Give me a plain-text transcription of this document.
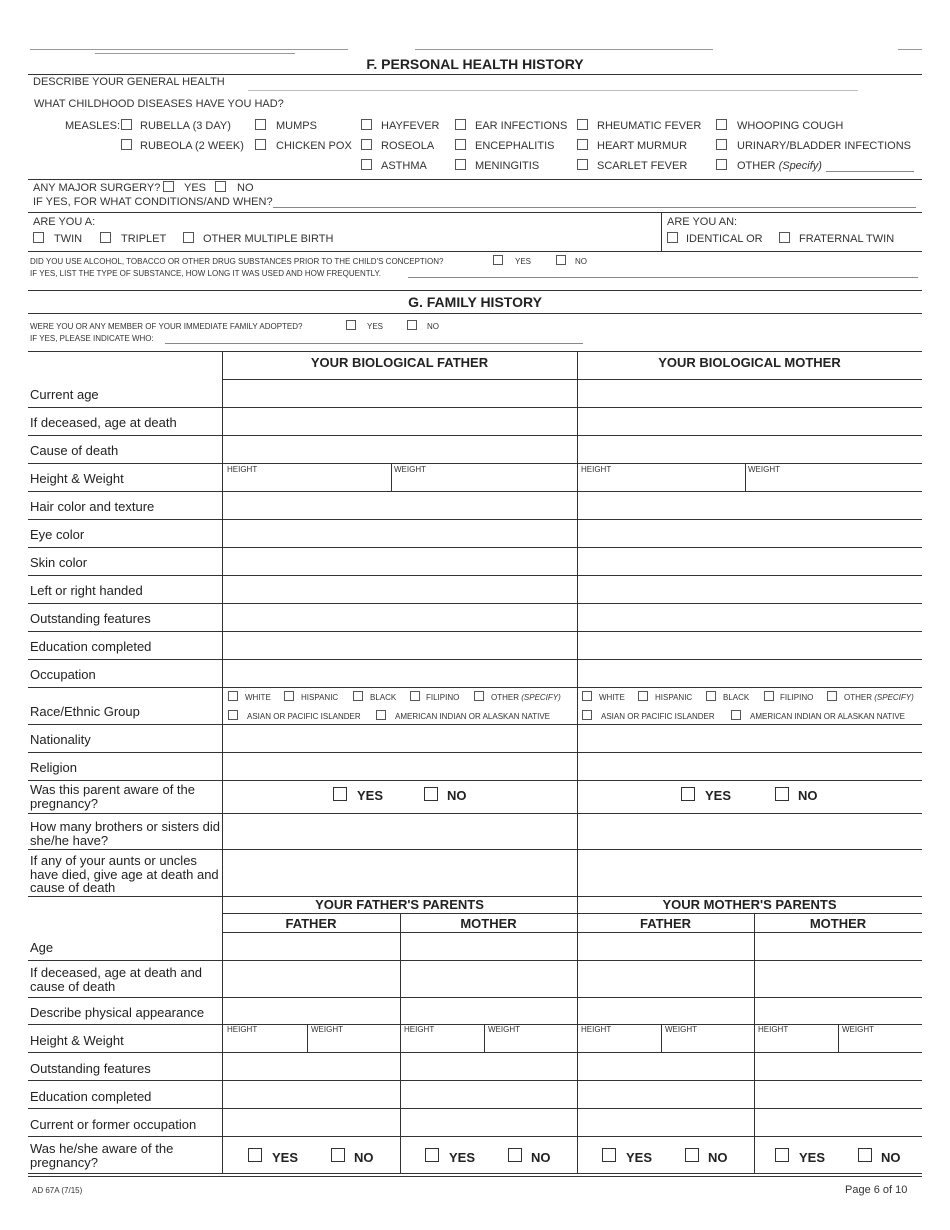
F. PERSONAL HEALTH HISTORY
DESCRIBE YOUR GENERAL HEALTH
WHAT CHILDHOOD DISEASES HAVE YOU HAD?
MEASLES: RUBELLA (3 DAY)
RUBEOLA (2 WEEK)
MUMPS
CHICKEN POX
HAYFEVER
ROSEOLA
ASTHMA
EAR INFECTIONS
ENCEPHALITIS
MENINGITIS
RHEUMATIC FEVER
HEART MURMUR
SCARLET FEVER
WHOOPING COUGH
URINARY/BLADDER INFECTIONS
OTHER (Specify)
ANY MAJOR SURGERY? YES	NO
IF YES, FOR WHAT CONDITIONS/AND WHEN?
ARE YOU A:
TWIN	TRIPLET	OTHER MULTIPLE BIRTH
ARE YOU AN:
IDENTICAL OR	FRATERNAL TWIN
DID YOU USE ALCOHOL, TOBACCO OR OTHER DRUG SUBSTANCES PRIOR TO THE CHILD'S CONCEPTION?	YES	NO
IF YES, LIST THE TYPE OF SUBSTANCE, HOW LONG IT WAS USED AND HOW FREQUENTLY.
G. FAMILY HISTORY
WERE YOU OR ANY MEMBER OF YOUR IMMEDIATE FAMILY ADOPTED?	YES	NO
IF YES, PLEASE INDICATE WHO:
YOUR BIOLOGICAL FATHER	YOUR BIOLOGICAL MOTHER
Current age
If deceased, age at death
Cause of death
Height & Weight
HEIGHT	WEIGHT	HEIGHT	WEIGHT
Hair color and texture
Eye color
Skin color
Left or right handed
Outstanding features
Education completed
Occupation
Race/Ethnic Group
WHITE	HISPANIC	BLACK	FILIPINO	OTHER (SPECIFY)
ASIAN OR PACIFIC ISLANDER	AMERICAN INDIAN OR ALASKAN NATIVE
WHITE	HISPANIC	BLACK	FILIPINO	OTHER (SPECIFY)
ASIAN OR PACIFIC ISLANDER	AMERICAN INDIAN OR ALASKAN NATIVE
Nationality
Religion
Was this parent aware of the pregnancy?	YES	NO	YES	NO
How many brothers or sisters did she/he have?
If any of your aunts or uncles have died, give age at death and cause of death
YOUR FATHER'S PARENTS	YOUR MOTHER'S PARENTS
FATHER	MOTHER	FATHER	MOTHER
Age
If deceased, age at death and cause of death
Describe physical appearance
Height & Weight
HEIGHT	WEIGHT	HEIGHT	WEIGHT	HEIGHT	WEIGHT	HEIGHT	WEIGHT
Outstanding features
Education completed
Current or former occupation
Was he/she aware of the pregnancy?	YES	NO	YES	NO	YES	NO	YES	NO
AD 67A (7/15)	Page 6 of 10
